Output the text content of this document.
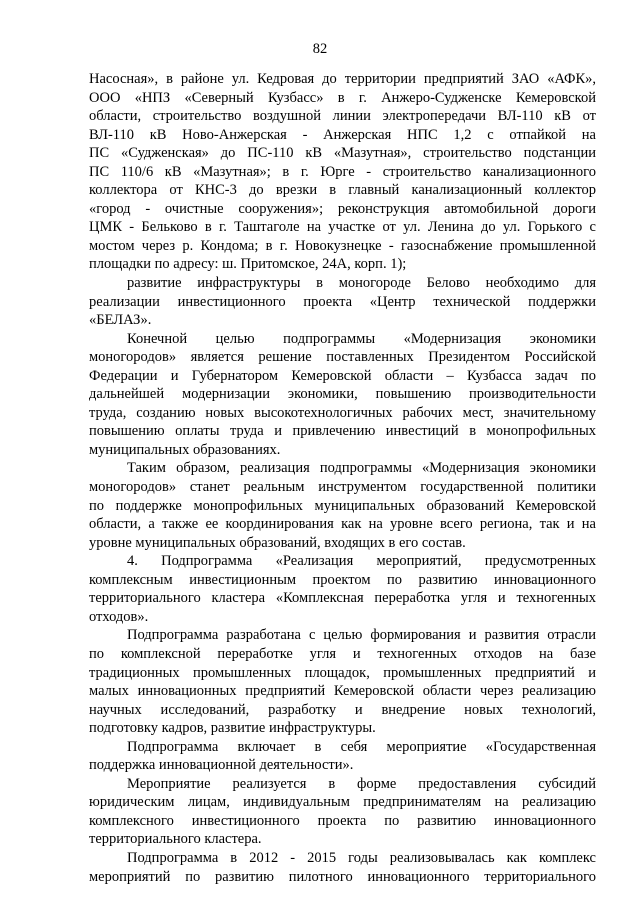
82
Насосная», в районе ул. Кедровая до территории предприятий ЗАО «АФК»,
ООО «НПЗ «Северный Кузбасс» в г. Анжеро-Судженске Кемеровской
области, строительство воздушной линии электропередачи ВЛ-110 кВ от
ВЛ-110 кВ Ново-Анжерская - Анжерская НПС 1,2 с отпайкой на
ПС «Судженская» до ПС-110 кВ «Мазутная», строительство подстанции
ПС 110/6 кВ «Мазутная»; в г. Юрге - строительство канализационного
коллектора от КНС-3 до врезки в главный канализационный коллектор
«город - очистные сооружения»; реконструкция автомобильной дороги
ЦМК - Бельково в г. Таштаголе на участке от ул. Ленина до ул. Горького с
мостом через р. Кондома; в г. Новокузнецке - газоснабжение промышленной
площадки по адресу: ш. Притомское, 24А, корп. 1);
развитие инфраструктуры в моногороде Белово необходимо для
реализации инвестиционного проекта «Центр технической поддержки
«БЕЛАЗ».
Конечной целью подпрограммы «Модернизация экономики
моногородов» является решение поставленных Президентом Российской
Федерации и Губернатором Кемеровской области – Кузбасса задач по
дальнейшей модернизации экономики, повышению производительности
труда, созданию новых высокотехнологичных рабочих мест, значительному
повышению оплаты труда и привлечению инвестиций в монопрофильных
муниципальных образованиях.
Таким образом, реализация подпрограммы «Модернизация экономики
моногородов» станет реальным инструментом государственной политики
по поддержке монопрофильных муниципальных образований Кемеровской
области, а также ее координирования как на уровне всего региона, так и на
уровне муниципальных образований, входящих в его состав.
4. Подпрограмма «Реализация мероприятий, предусмотренных
комплексным инвестиционным проектом по развитию инновационного
территориального кластера «Комплексная переработка угля и техногенных
отходов».
Подпрограмма разработана с целью формирования и развития отрасли
по комплексной переработке угля и техногенных отходов на базе
традиционных промышленных площадок, промышленных предприятий и
малых инновационных предприятий Кемеровской области через реализацию
научных исследований, разработку и внедрение новых технологий,
подготовку кадров, развитие инфраструктуры.
Подпрограмма включает в себя мероприятие «Государственная
поддержка инновационной деятельности».
Мероприятие реализуется в форме предоставления субсидий
юридическим лицам, индивидуальным предпринимателям на реализацию
комплексного инвестиционного проекта по развитию инновационного
территориального кластера.
Подпрограмма в 2012 - 2015 годы реализовывалась как комплекс
мероприятий по развитию пилотного инновационного территориального
